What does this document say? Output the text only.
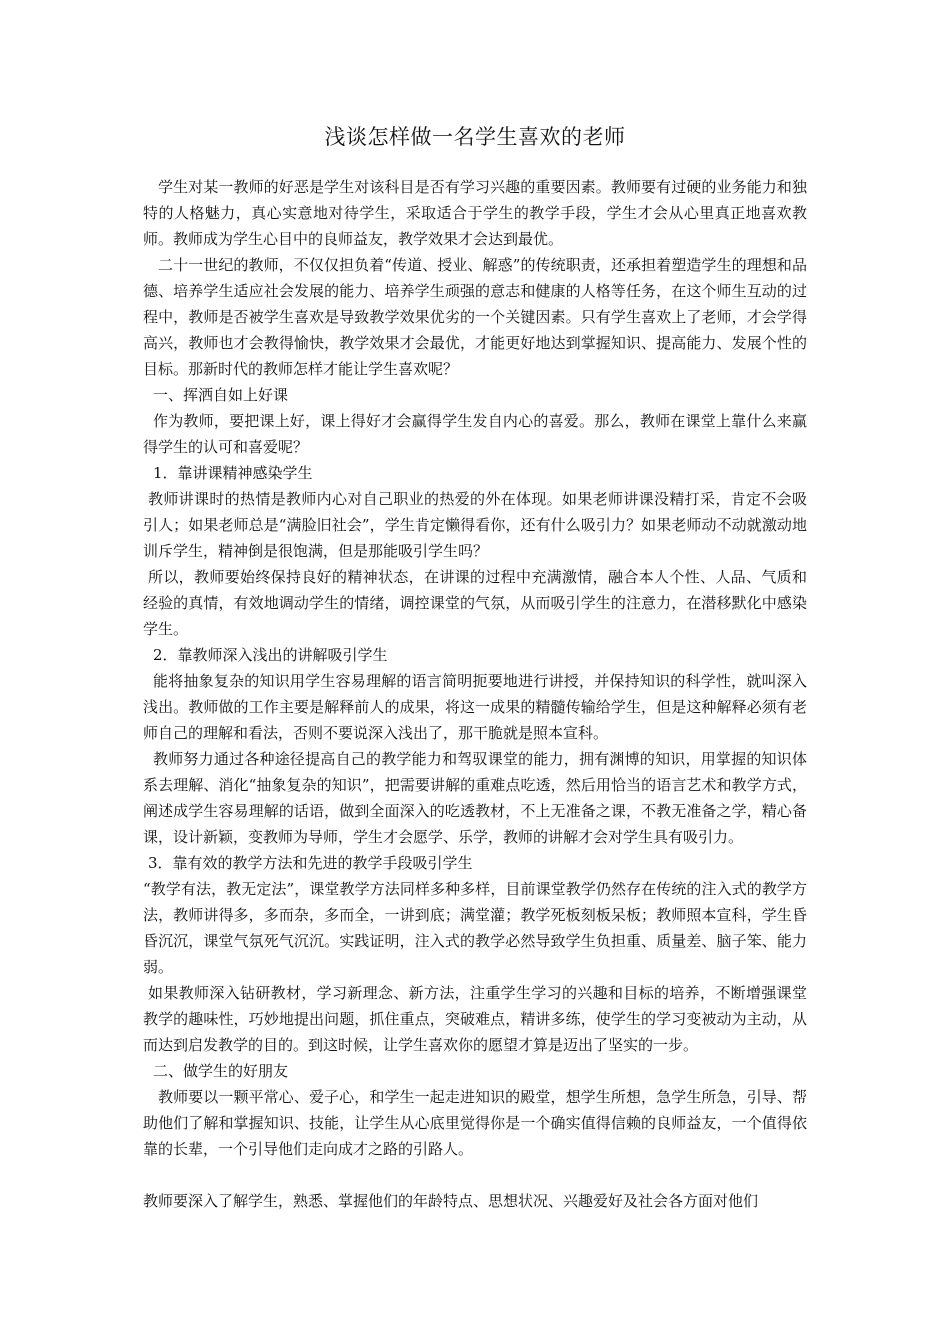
浅谈怎样做一名学生喜欢的老师

学生对某一教师的好恶是学生对该科目是否有学习兴趣的重要因素。教师要有过硬的业务能力和独特的人格魅力，真心实意地对待学生，采取适合于学生的教学手段，学生才会从心里真正地喜欢教师。教师成为学生心目中的良师益友，教学效果才会达到最优。

二十一世纪的教师，不仅仅担负着“传道、授业、解惑”的传统职责，还承担着塑造学生的理想和品德、培养学生适应社会发展的能力、培养学生顽强的意志和健康的人格等任务，在这个师生互动的过程中，教师是否被学生喜欢是导致教学效果优劣的一个关键因素。只有学生喜欢上了老师，才会学得高兴，教师也才会教得愉快，教学效果才会最优，才能更好地达到掌握知识、提高能力、发展个性的目标。那新时代的教师怎样才能让学生喜欢呢？

一、挥洒自如上好课

作为教师，要把课上好，课上得好才会赢得学生发自内心的喜爱。那么，教师在课堂上靠什么来赢得学生的认可和喜爱呢？

1．靠讲课精神感染学生

教师讲课时的热情是教师内心对自己职业的热爱的外在体现。如果老师讲课没精打采，肯定不会吸引人；如果老师总是“满脸旧社会”，学生肯定懒得看你，还有什么吸引力？如果老师动不动就激动地训斥学生，精神倒是很饱满，但是那能吸引学生吗？

所以，教师要始终保持良好的精神状态，在讲课的过程中充满激情，融合本人个性、人品、气质和经验的真情，有效地调动学生的情绪，调控课堂的气氛，从而吸引学生的注意力，在潜移默化中感染学生。

2．靠教师深入浅出的讲解吸引学生

能将抽象复杂的知识用学生容易理解的语言简明扼要地进行讲授，并保持知识的科学性，就叫深入浅出。教师做的工作主要是解释前人的成果，将这一成果的精髓传输给学生，但是这种解释必须有老师自己的理解和看法，否则不要说深入浅出了，那干脆就是照本宣科。

教师努力通过各种途径提高自己的教学能力和驾驭课堂的能力，拥有渊博的知识，用掌握的知识体系去理解、消化“抽象复杂的知识”，把需要讲解的重难点吃透，然后用恰当的语言艺术和教学方式，阐述成学生容易理解的话语，做到全面深入的吃透教材，不上无准备之课，不教无准备之学，精心备课，设计新颖，变教师为导师，学生才会愿学、乐学，教师的讲解才会对学生具有吸引力。

3．靠有效的教学方法和先进的教学手段吸引学生

“教学有法，教无定法”，课堂教学方法同样多种多样，目前课堂教学仍然存在传统的注入式的教学方法，教师讲得多，多而杂，多而全，一讲到底；满堂灌；教学死板刻板呆板；教师照本宣科，学生昏昏沉沉，课堂气氛死气沉沉。实践证明，注入式的教学必然导致学生负担重、质量差、脑子笨、能力弱。

如果教师深入钻研教材，学习新理念、新方法，注重学生学习的兴趣和目标的培养，不断增强课堂教学的趣味性，巧妙地提出问题，抓住重点，突破难点，精讲多练，使学生的学习变被动为主动，从而达到启发教学的目的。到这时候，让学生喜欢你的愿望才算是迈出了坚实的一步。

二、做学生的好朋友

教师要以一颗平常心、爱子心，和学生一起走进知识的殿堂，想学生所想，急学生所急，引导、帮助他们了解和掌握知识、技能，让学生从心底里觉得你是一个确实值得信赖的良师益友，一个值得依靠的长辈，一个引导他们走向成才之路的引路人。

教师要深入了解学生，熟悉、掌握他们的年龄特点、思想状况、兴趣爱好及社会各方面对他们
